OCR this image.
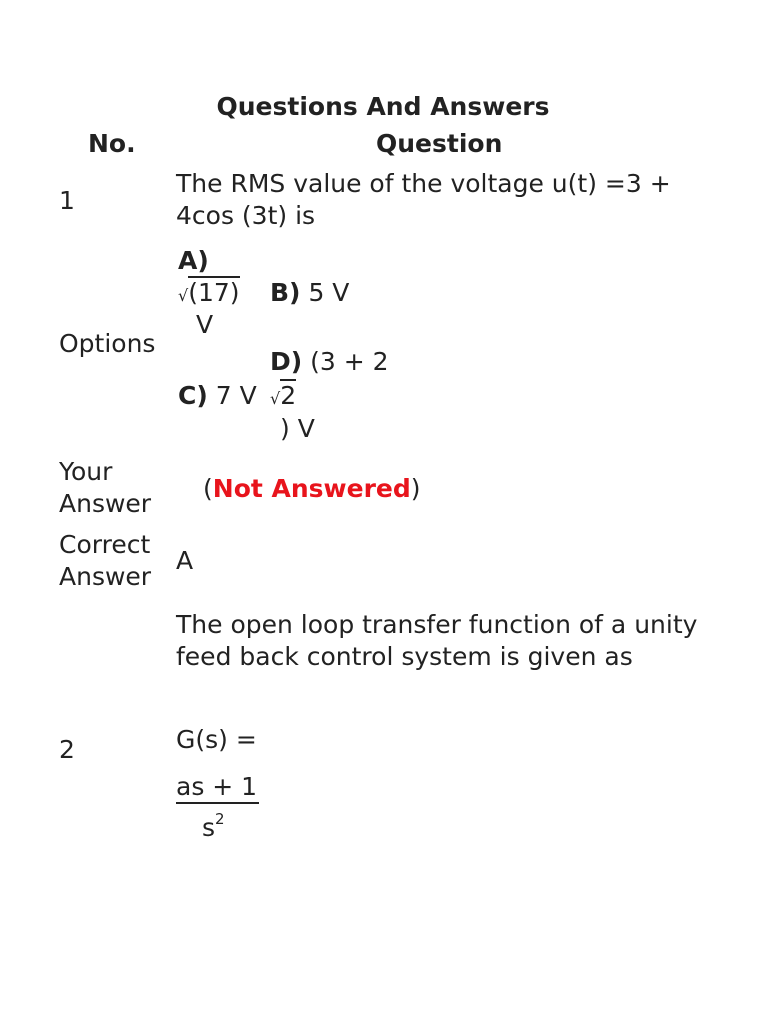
Questions And Answers
No.	Question
1
The RMS value of the voltage u(t) =3 + 4cos (3t) is
A)
√(17)
V
B) 5 V
Options
D) (3 + 2
√2
) V
C) 7 V
Your
Answer
(Not Answered)
Correct
Answer
A
The open loop transfer function of a unity feed back control system is given as
2	G(s) =
$\frac{as + 1}{s^2}$
